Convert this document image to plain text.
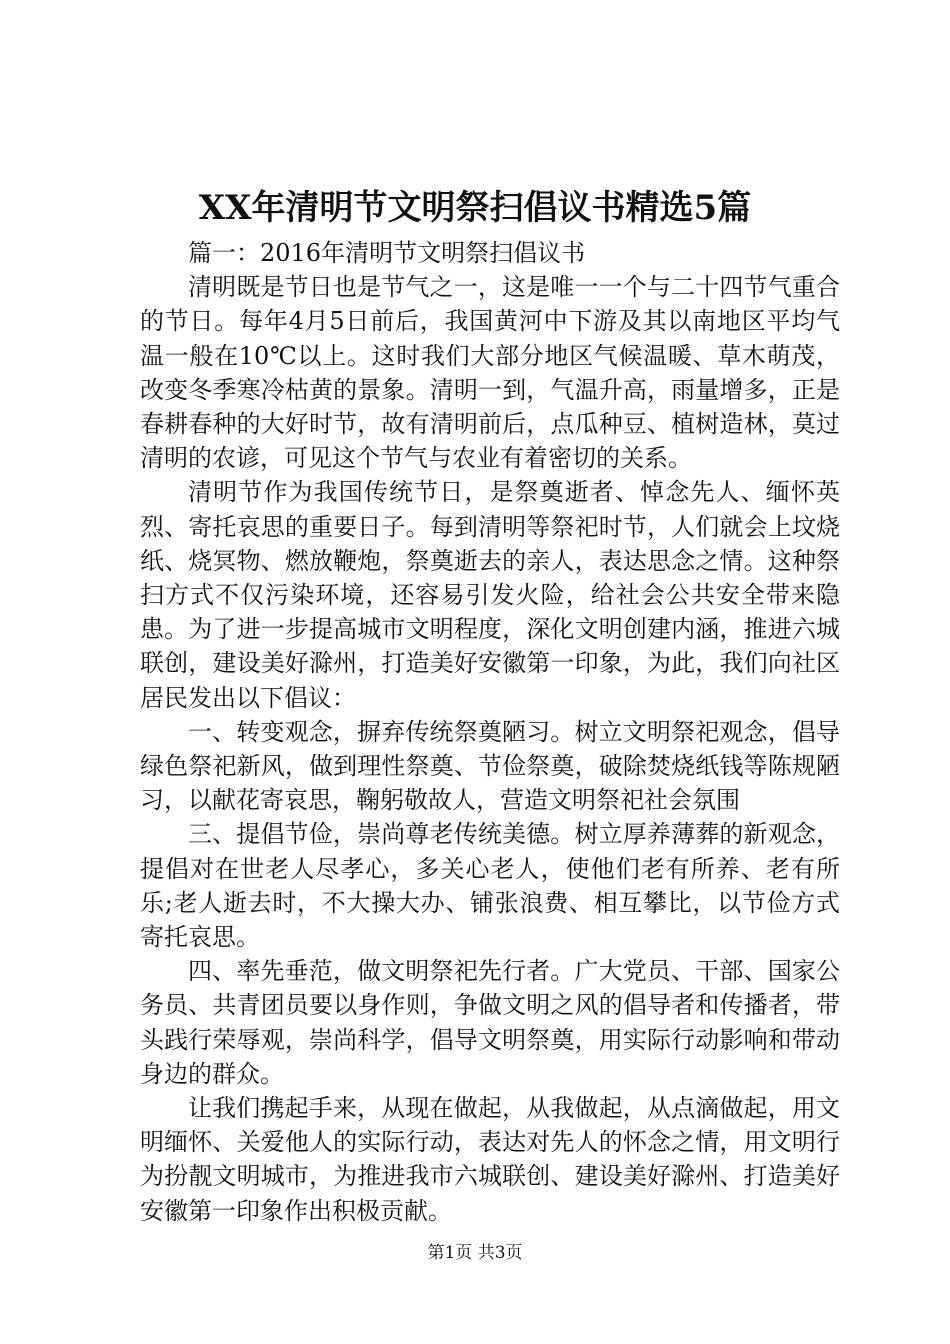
XX年清明节文明祭扫倡议书精选5篇

篇一：2016年清明节文明祭扫倡议书

清明既是节日也是节气之一，这是唯一一个与二十四节气重合的节日。每年4月5日前后，我国黄河中下游及其以南地区平均气温一般在10℃以上。这时我们大部分地区气候温暖、草木萌茂，改变冬季寒冷枯黄的景象。清明一到，气温升高，雨量增多，正是春耕春种的大好时节，故有清明前后，点瓜种豆、植树造林，莫过清明的农谚，可见这个节气与农业有着密切的关系。

清明节作为我国传统节日，是祭奠逝者、悼念先人、缅怀英烈、寄托哀思的重要日子。每到清明等祭祀时节，人们就会上坟烧纸、烧冥物、燃放鞭炮，祭奠逝去的亲人，表达思念之情。这种祭扫方式不仅污染环境，还容易引发火险，给社会公共安全带来隐患。为了进一步提高城市文明程度，深化文明创建内涵，推进六城联创，建设美好滁州，打造美好安徽第一印象，为此，我们向社区居民发出以下倡议：

一、转变观念，摒弃传统祭奠陋习。树立文明祭祀观念，倡导绿色祭祀新风，做到理性祭奠、节俭祭奠，破除焚烧纸钱等陈规陋习，以献花寄哀思，鞠躬敬故人，营造文明祭祀社会氛围

三、提倡节俭，崇尚尊老传统美德。树立厚养薄葬的新观念，提倡对在世老人尽孝心，多关心老人，使他们老有所养、老有所乐;老人逝去时，不大操大办、铺张浪费、相互攀比，以节俭方式寄托哀思。

四、率先垂范，做文明祭祀先行者。广大党员、干部、国家公务员、共青团员要以身作则，争做文明之风的倡导者和传播者，带头践行荣辱观，崇尚科学，倡导文明祭奠，用实际行动影响和带动身边的群众。

让我们携起手来，从现在做起，从我做起，从点滴做起，用文明缅怀、关爱他人的实际行动，表达对先人的怀念之情，用文明行为扮靓文明城市，为推进我市六城联创、建设美好滁州、打造美好安徽第一印象作出积极贡献。

第1页 共3页
